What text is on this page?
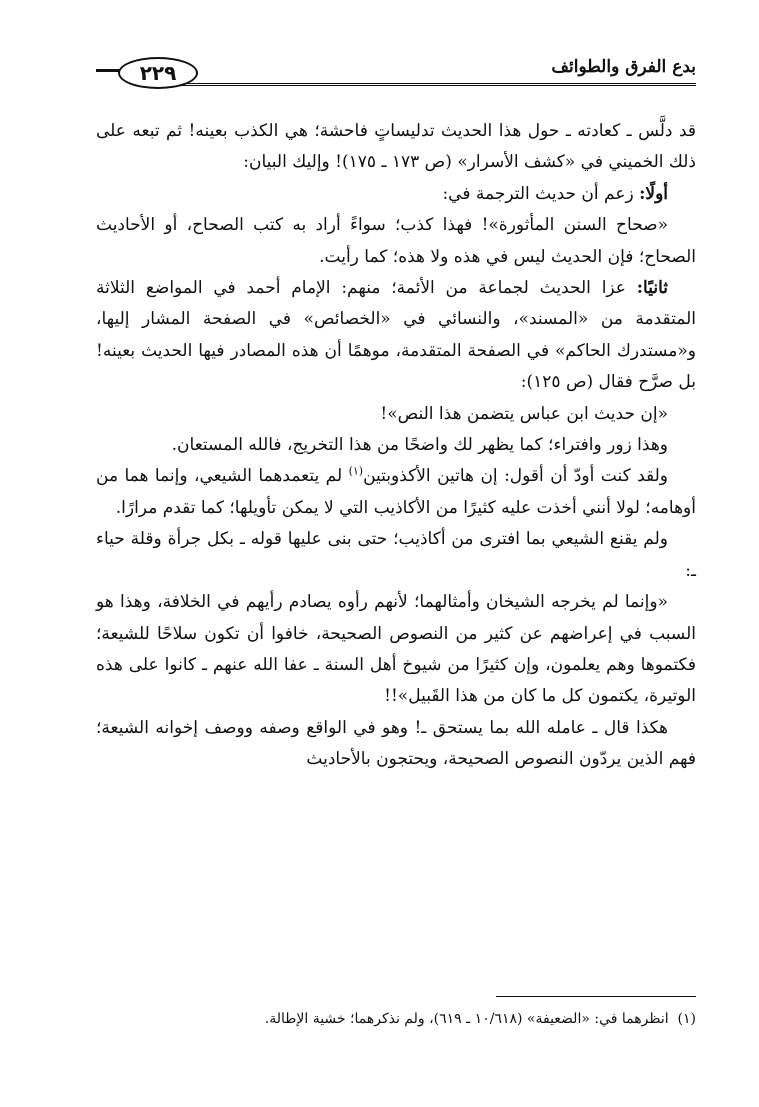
بدع الفرق والطوائف
٢٢٩

قد دلَّس ـ كعادته ـ حول هذا الحديث تدليساتٍ فاحشة؛ هي الكذب بعينه! ثم تبعه على ذلك الخميني في «كشف الأسرار» (ص ١٧٣ ـ ١٧٥)! وإليك البيان:

أولًا: زعم أن حديث الترجمة في:

«صحاح السنن المأثورة»! فهذا كذب؛ سواءً أراد به كتب الصحاح، أو الأحاديث الصحاح؛ فإن الحديث ليس في هذه ولا هذه؛ كما رأيت.

ثانيًا: عزا الحديث لجماعة من الأئمة؛ منهم: الإمام أحمد في المواضع الثلاثة المتقدمة من «المسند»، والنسائي في «الخصائص» في الصفحة المشار إليها، و«مستدرك الحاكم» في الصفحة المتقدمة، موهمًا أن هذه المصادر فيها الحديث بعينه! بل صرَّح فقال (ص ١٢٥):

«إن حديث ابن عباس يتضمن هذا النص»!

وهذا زور وافتراء؛ كما يظهر لك واضحًا من هذا التخريج، فالله المستعان.

ولقد كنت أودّ أن أقول: إن هاتين الأكذوبتين$^{(١)}$ لم يتعمدهما الشيعي، وإنما هما من أوهامه؛ لولا أنني أخذت عليه كثيرًا من الأكاذيب التي لا يمكن تأويلها؛ كما تقدم مرارًا.

ولم يقنع الشيعي بما افترى من أكاذيب؛ حتى بنى عليها قوله ـ بكل جرأة وقلة حياء ـ:

«وإنما لم يخرجه الشيخان وأمثالهما؛ لأنهم رأوه يصادم رأيهم في الخلافة، وهذا هو السبب في إعراضهم عن كثير من النصوص الصحيحة، خافوا أن تكون سلاحًا للشيعة؛ فكتموها وهم يعلمون، وإن كثيرًا من شيوخ أهل السنة ـ عفا الله عنهم ـ كانوا على هذه الوتيرة، يكتمون كل ما كان من هذا القَبيل»!!

هكذا قال ـ عامله الله بما يستحق ـ! وهو في الواقع وصفه ووصف إخوانه الشيعة؛ فهم الذين يردّون النصوص الصحيحة، ويحتجون بالأحاديث

(١)  انظرهما في: «الضعيفة» (١٠/٦١٨ ـ ٦١٩)، ولم نذكرهما؛ خشية الإطالة.
